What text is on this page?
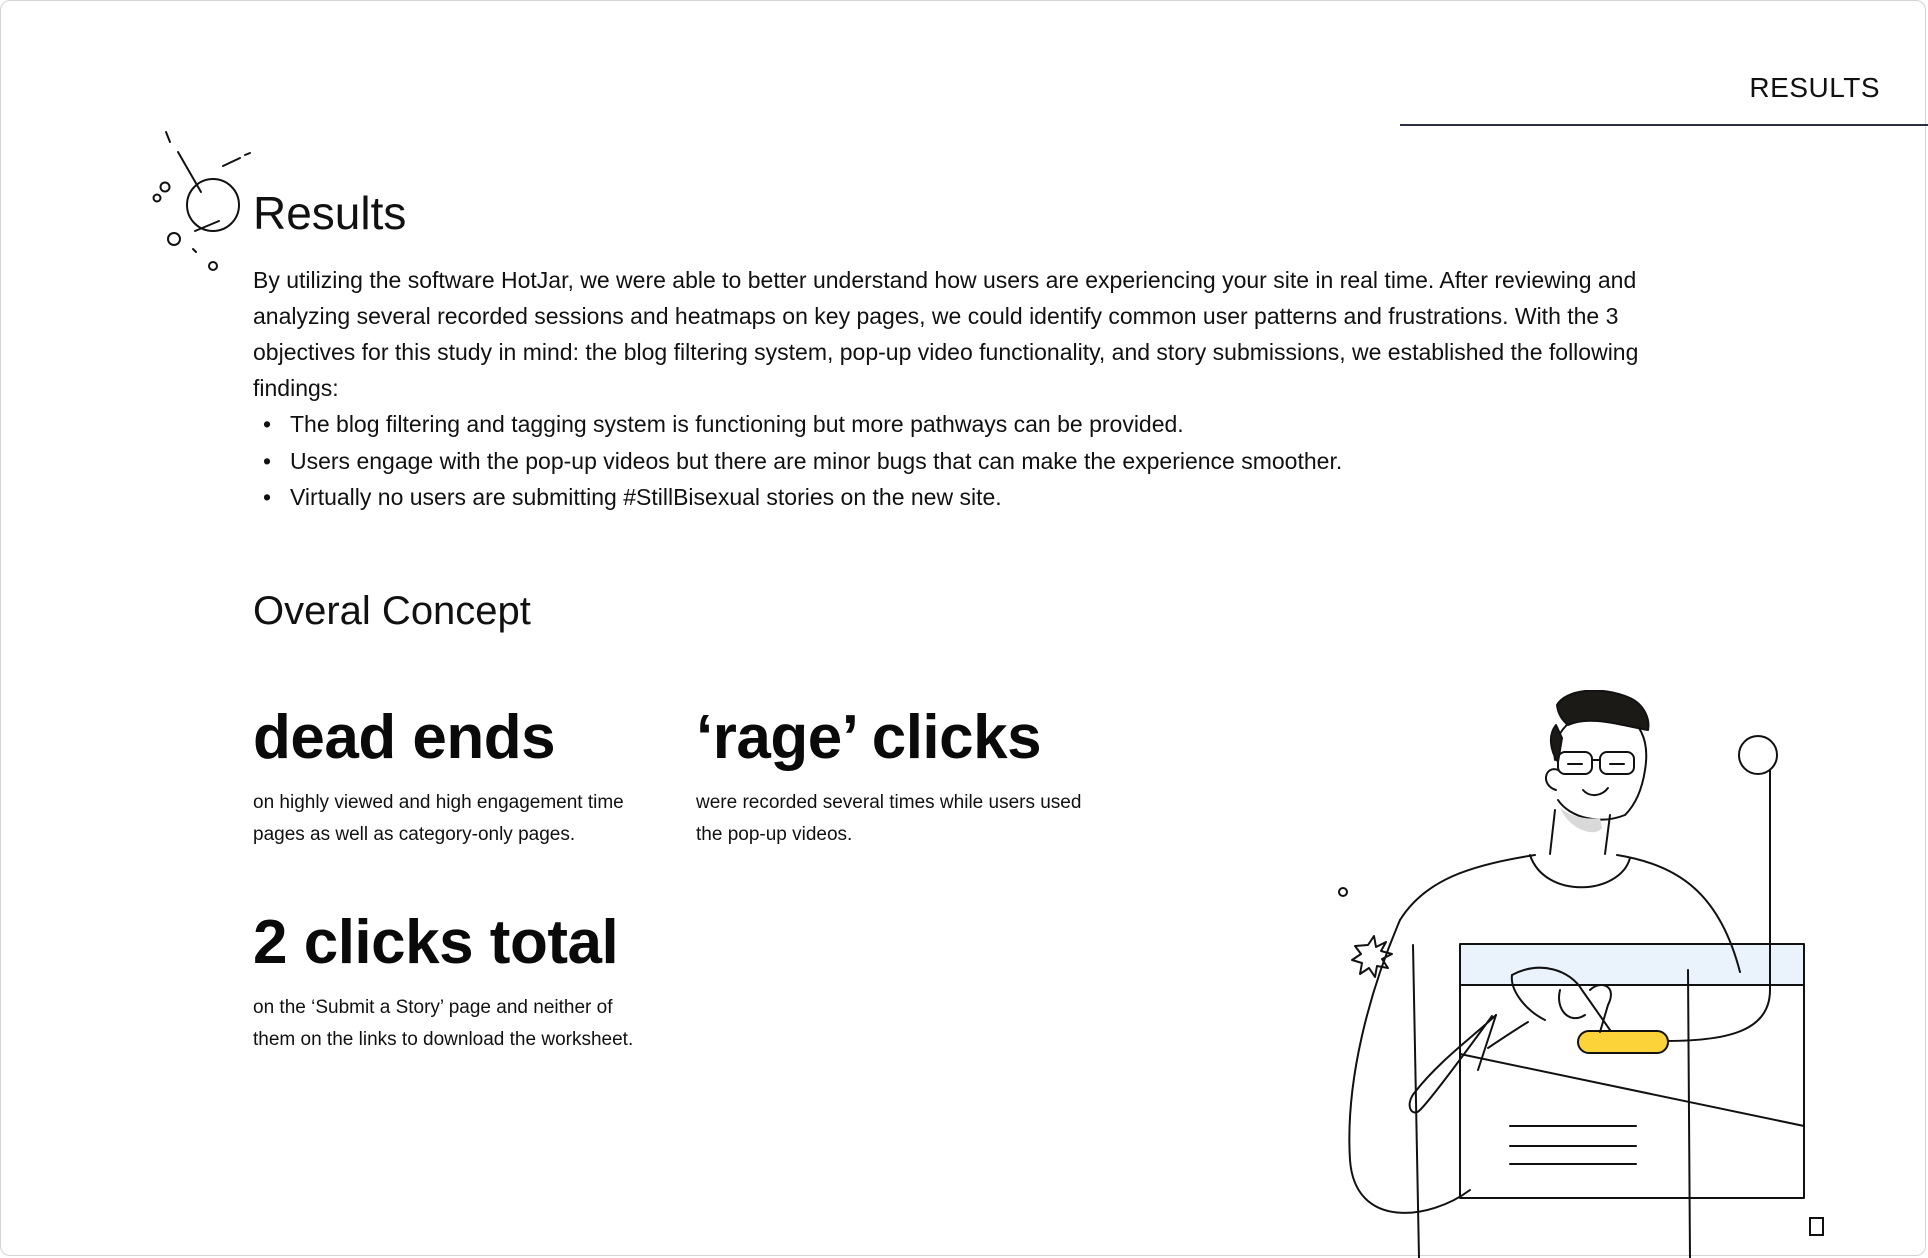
RESULTS
Results

By utilizing the software HotJar, we were able to better understand how users are experiencing your site in real time. After reviewing and analyzing several recorded sessions and heatmaps on key pages, we could identify common user patterns and frustrations. With the 3 objectives for this study in mind: the blog filtering system, pop-up video functionality, and story submissions, we established the following findings:

• The blog filtering and tagging system is functioning but more pathways can be provided.
• Users engage with the pop-up videos but there are minor bugs that can make the experience smoother.
• Virtually no users are submitting #StillBisexual stories on the new site.
Overal Concept

dead ends

on highly viewed and high engagement time pages as well as category-only pages.

‘rage’ clicks

were recorded several times while users used the pop-up videos.

2 clicks total

on the ‘Submit a Story’ page and neither of them on the links to download the worksheet.
